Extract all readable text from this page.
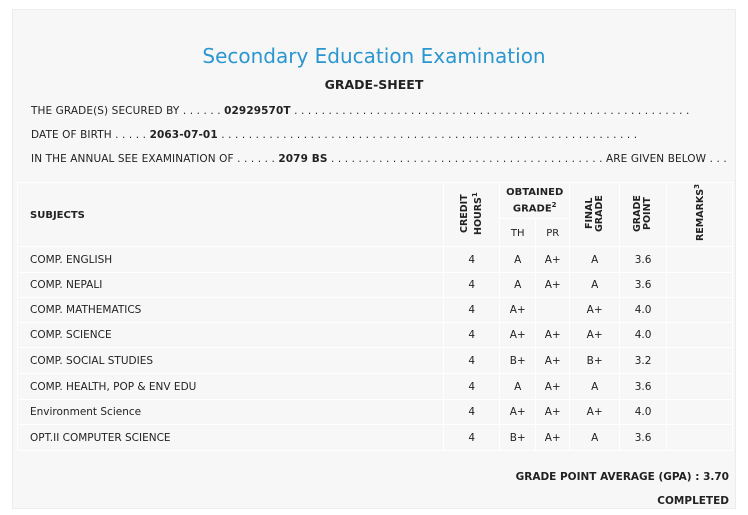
Secondary Education Examination
GRADE-SHEET
THE GRADE(S) SECURED BY . . . . . . 02929570T . . . . . . . . . . . . . . . . . . . . . . . . . . . . . . . . . . . . . . . . . . . . . . . . . . . . . . . . . .
DATE OF BIRTH . . . . . 2063-07-01 . . . . . . . . . . . . . . . . . . . . . . . . . . . . . . . . . . . . . . . . . . . . . . . . . . . . . . . . . . . . .
IN THE ANNUAL SEE EXAMINATION OF . . . . . . 2079 BS . . . . . . . . . . . . . . . . . . . . . . . . . . . . . . . . . . . . . . . . ARE GIVEN BELOW . . .
SUBJECTS	CREDIT HOURS$^1$	OBTAINED GRADE$^2$		FINAL GRADE	GRADE POINT	REMARKS$^3$
		TH	PR			
COMP. ENGLISH	4	A	A+	A	3.6	
COMP. NEPALI	4	A	A+	A	3.6	
COMP. MATHEMATICS	4	A+		A+	4.0	
COMP. SCIENCE	4	A+	A+	A+	4.0	
COMP. SOCIAL STUDIES	4	B+	A+	B+	3.2	
COMP. HEALTH, POP & ENV EDU	4	A	A+	A	3.6	
Environment Science	4	A+	A+	A+	4.0	
OPT.II COMPUTER SCIENCE	4	B+	A+	A	3.6	
GRADE POINT AVERAGE (GPA) : 3.70
COMPLETED
